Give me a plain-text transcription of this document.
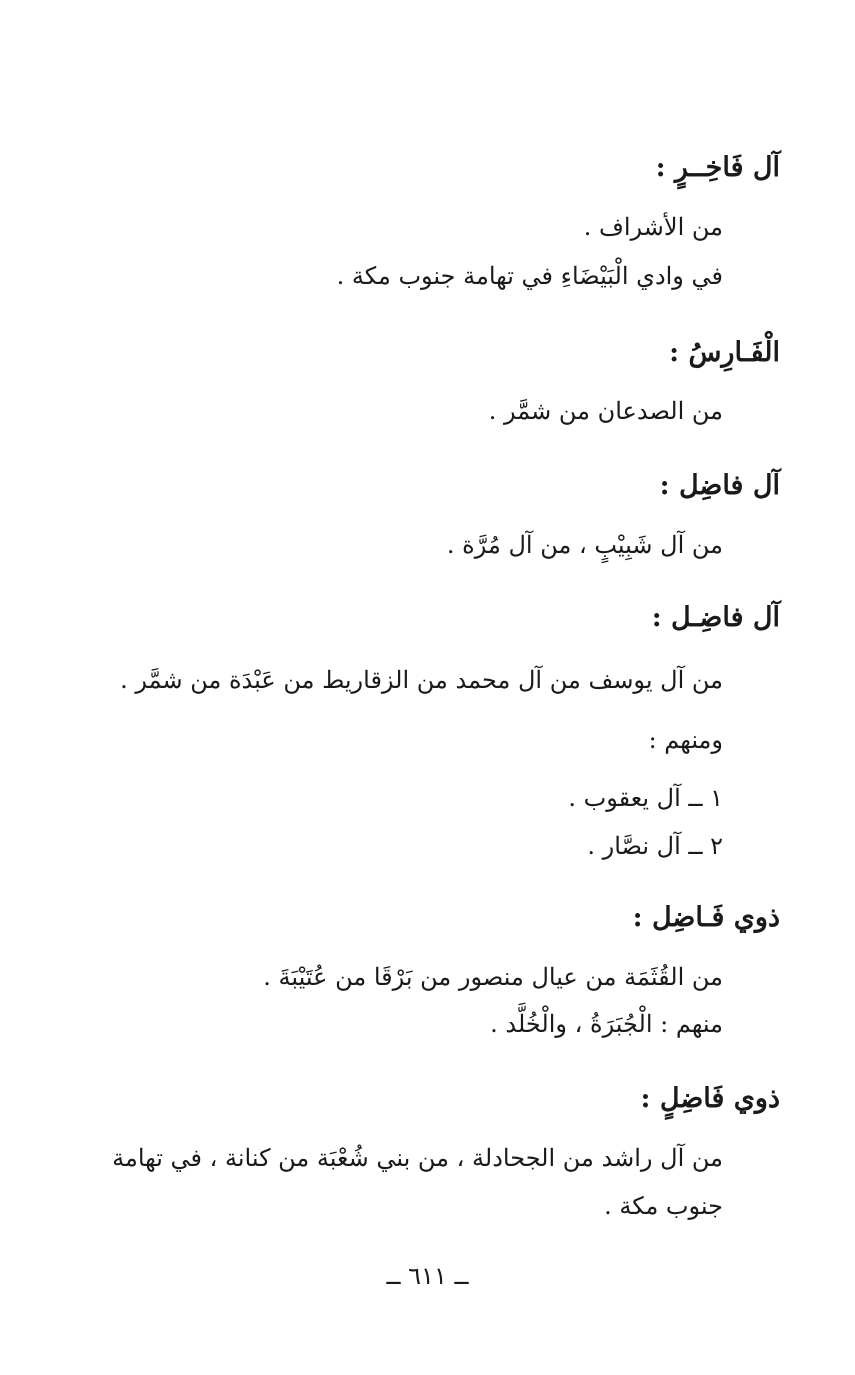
آل فَاخِــرٍ :
من الأشراف .
في وادي الْبَيْضَاءِ في تهامة جنوب مكة .
الْفَـارِسُ :
من الصدعان من شمَّر .
آل فاضِل :
من آل شَبِيْبٍ ، من آل مُرَّة .
آل فاضِـل :
من آل يوسف من آل محمد من الزقاريط من عَبْدَة من شمَّر .
ومنهم :
١ ــ آل يعقوب .
٢ ــ آل نصَّار .
ذوي فَـاضِل :
من القُثَمَة من عيال منصور من بَرْقَا من عُتَيْبَةَ .
منهم : الْجُبَرَةُ ، والْخُلَّد .
ذوي فَاضِلٍ :
من آل راشد من الجحادلة ، من بني شُعْبَة من كنانة ، في تهامة
جنوب مكة .
ــ ٦١١ ــ
